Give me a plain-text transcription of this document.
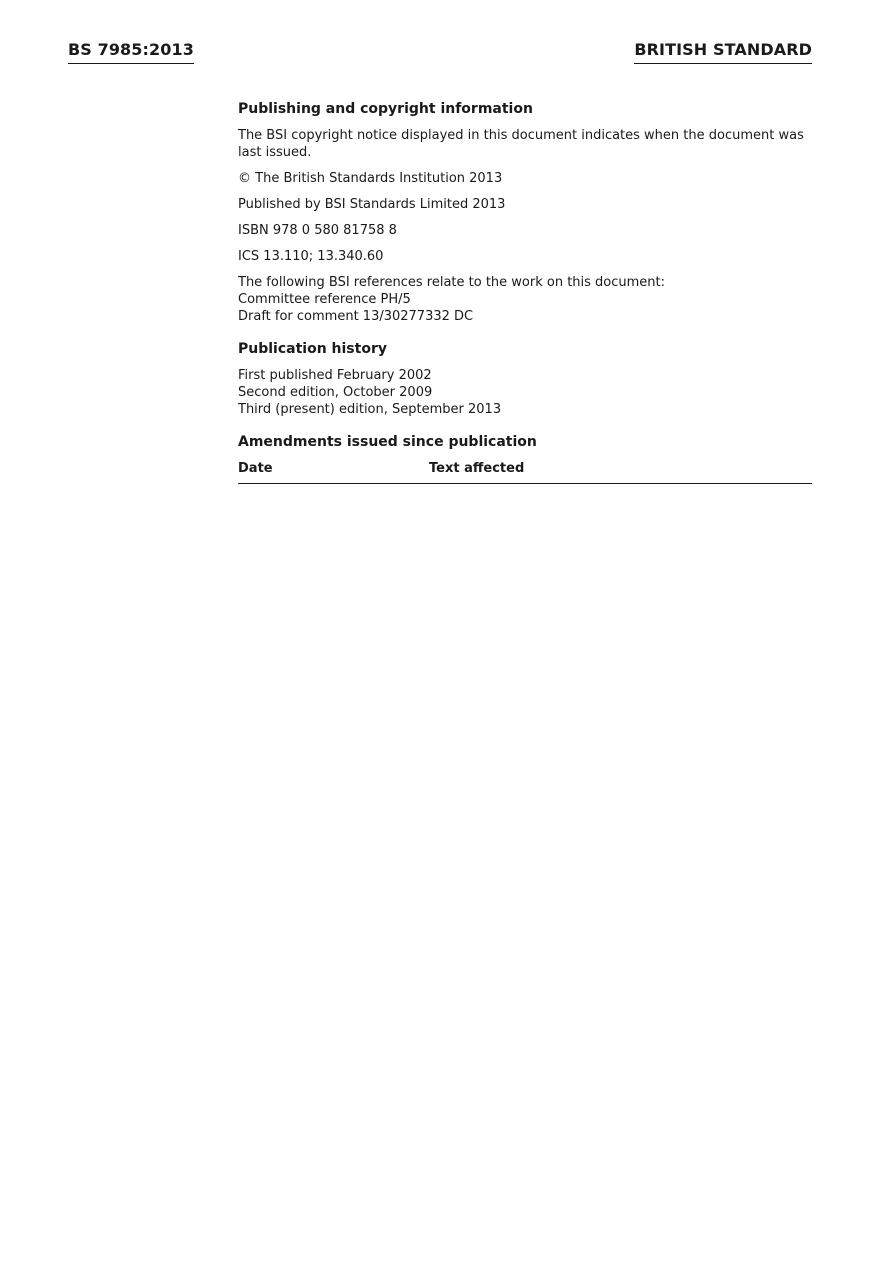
BS 7985:2013	BRITISH STANDARD
Publishing and copyright information
The BSI copyright notice displayed in this document indicates when the document was last issued.
© The British Standards Institution 2013
Published by BSI Standards Limited 2013
ISBN 978 0 580 81758 8
ICS 13.110; 13.340.60
The following BSI references relate to the work on this document:
Committee reference PH/5
Draft for comment 13/30277332 DC
Publication history
First published February 2002
Second edition, October 2009
Third (present) edition, September 2013
Amendments issued since publication
Date	Text affected
